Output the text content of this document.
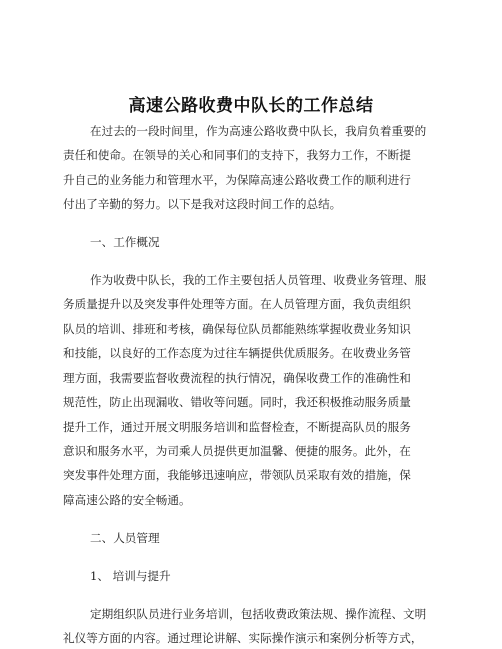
高速公路收费中队长的工作总结
在过去的一段时间里，作为高速公路收费中队长，我肩负着重要的
责任和使命。在领导的关心和同事们的支持下，我努力工作，不断提
升自己的业务能力和管理水平，为保障高速公路收费工作的顺利进行
付出了辛勤的努力。以下是我对这段时间工作的总结。
一、工作概况
作为收费中队长，我的工作主要包括人员管理、收费业务管理、服
务质量提升以及突发事件处理等方面。在人员管理方面，我负责组织
队员的培训、排班和考核，确保每位队员都能熟练掌握收费业务知识
和技能，以良好的工作态度为过往车辆提供优质服务。在收费业务管
理方面，我需要监督收费流程的执行情况，确保收费工作的准确性和
规范性，防止出现漏收、错收等问题。同时，我还积极推动服务质量
提升工作，通过开展文明服务培训和监督检查，不断提高队员的服务
意识和服务水平，为司乘人员提供更加温馨、便捷的服务。此外，在
突发事件处理方面，我能够迅速响应，带领队员采取有效的措施，保
障高速公路的安全畅通。
二、人员管理
1、 培训与提升
定期组织队员进行业务培训，包括收费政策法规、操作流程、文明
礼仪等方面的内容。通过理论讲解、实际操作演示和案例分析等方式，
